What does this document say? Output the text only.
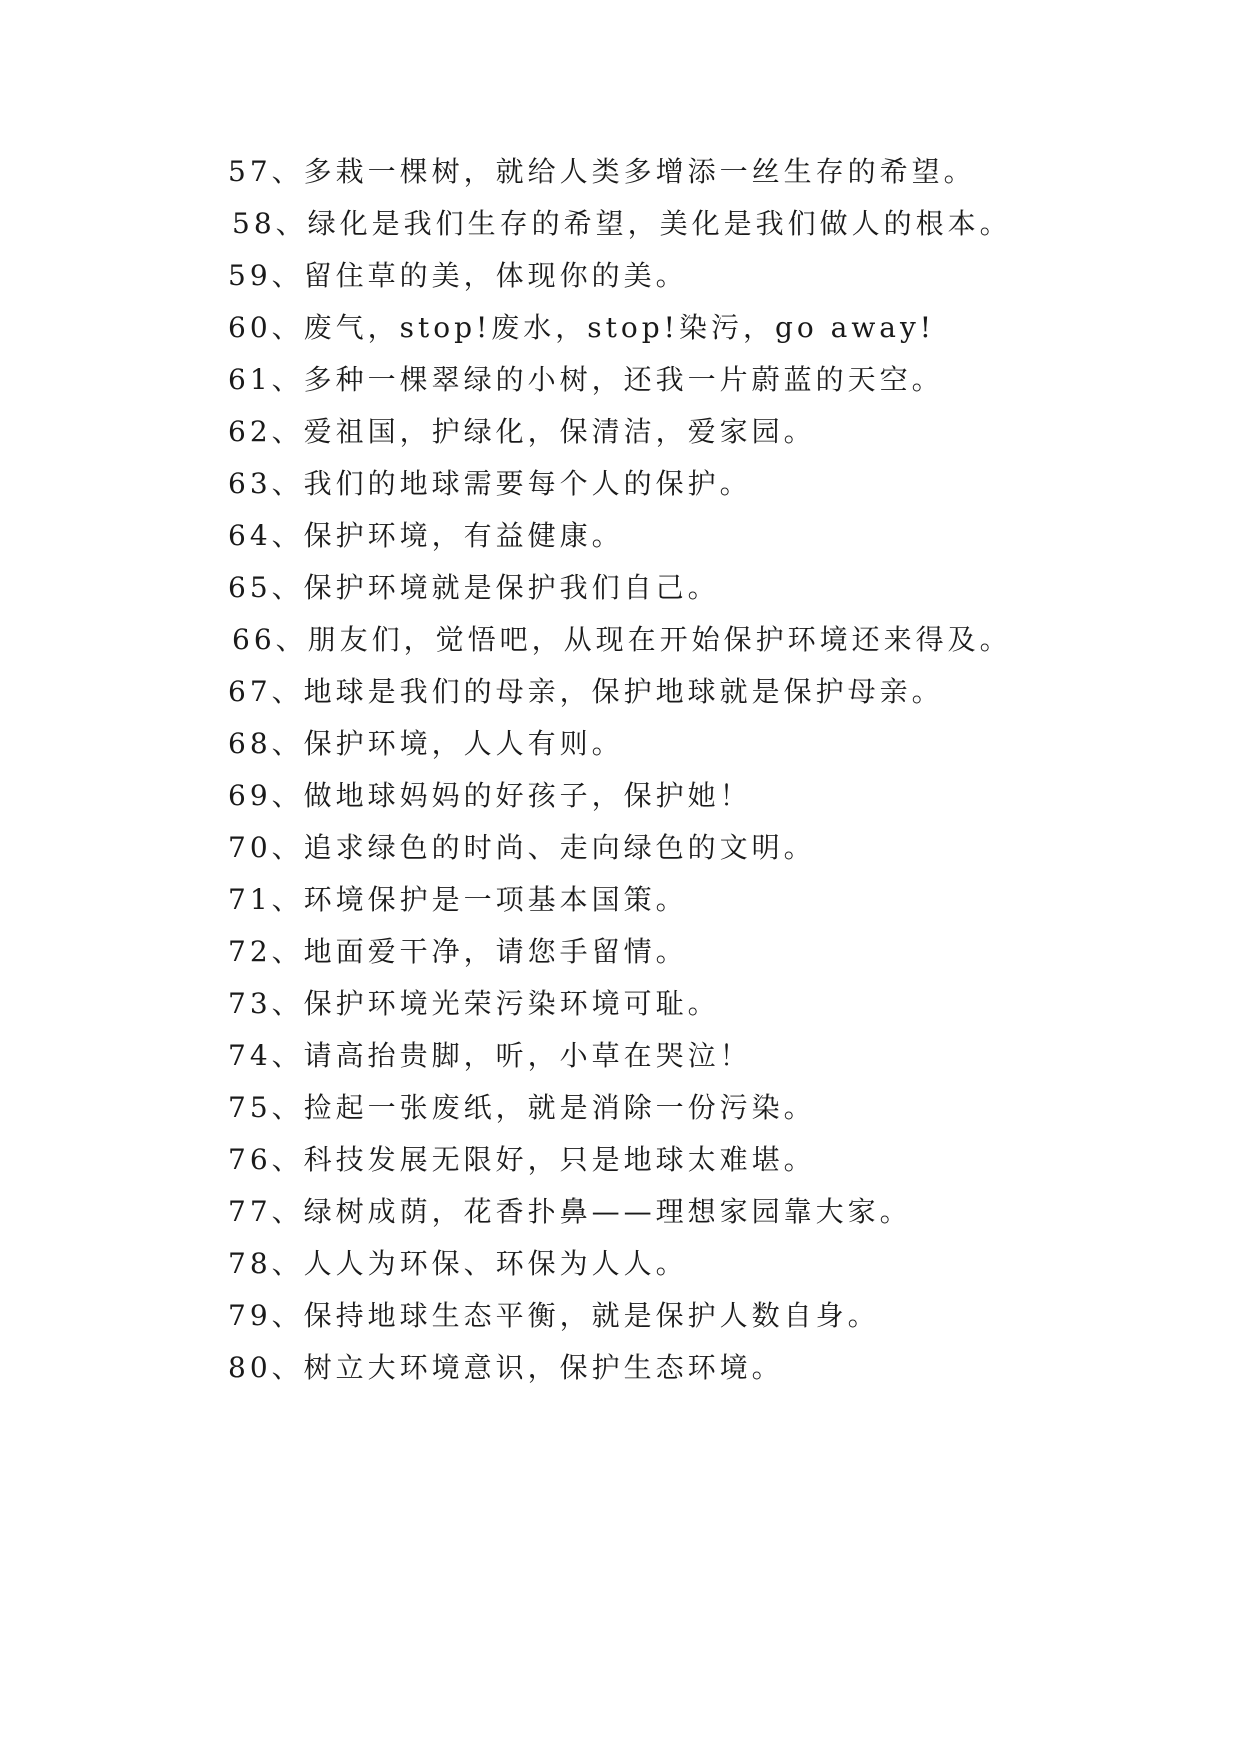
57、多栽一棵树，就给人类多增添一丝生存的希望。
58、绿化是我们生存的希望，美化是我们做人的根本。
59、留住草的美，体现你的美。
60、废气，stop!废水，stop!染污，go away!
61、多种一棵翠绿的小树，还我一片蔚蓝的天空。
62、爱祖国，护绿化，保清洁，爱家园。
63、我们的地球需要每个人的保护。
64、保护环境，有益健康。
65、保护环境就是保护我们自己。
66、朋友们，觉悟吧，从现在开始保护环境还来得及。
67、地球是我们的母亲，保护地球就是保护母亲。
68、保护环境，人人有则。
69、做地球妈妈的好孩子，保护她！
70、追求绿色的时尚、走向绿色的文明。
71、环境保护是一项基本国策。
72、地面爱干净，请您手留情。
73、保护环境光荣污染环境可耻。
74、请高抬贵脚，听，小草在哭泣！
75、捡起一张废纸，就是消除一份污染。
76、科技发展无限好，只是地球太难堪。
77、绿树成荫，花香扑鼻——理想家园靠大家。
78、人人为环保、环保为人人。
79、保持地球生态平衡，就是保护人数自身。
80、树立大环境意识，保护生态环境。
